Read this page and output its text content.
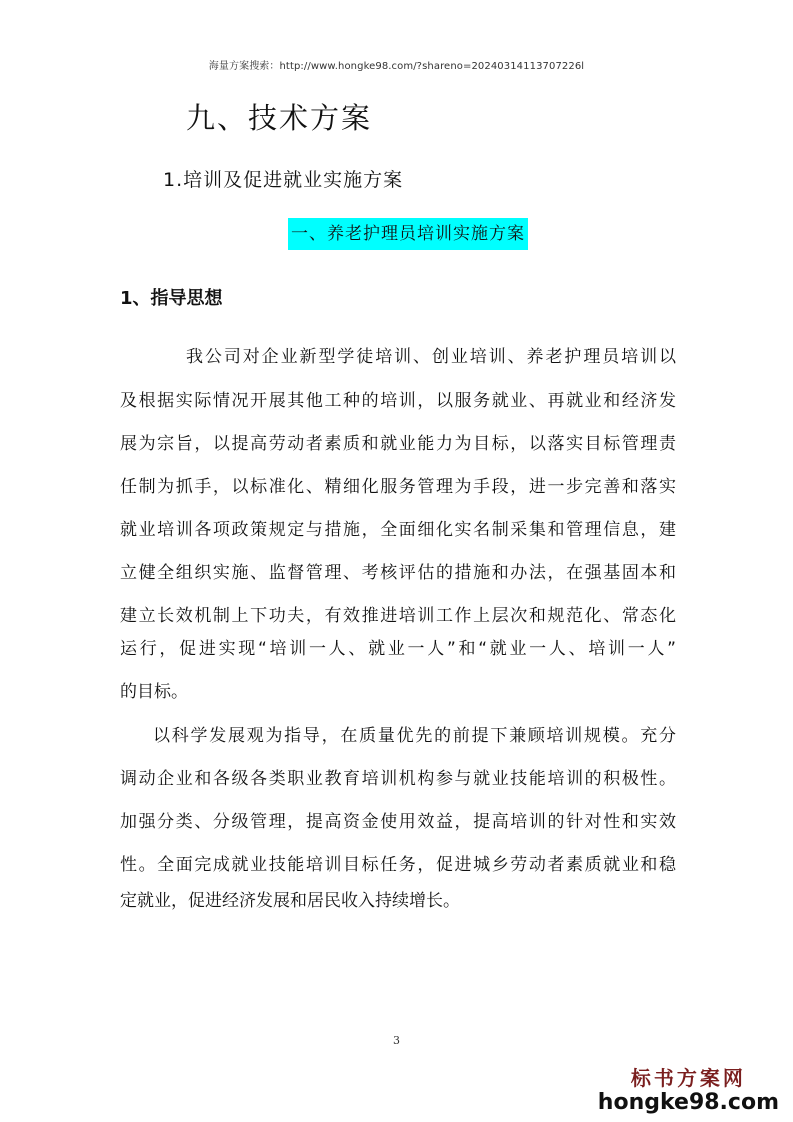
海量方案搜索：http://www.hongke98.com/?shareno=20240314113707226l
九、技术方案
1.培训及促进就业实施方案
一、养老护理员培训实施方案
1、指导思想
我公司对企业新型学徒培训、创业培训、养老护理员培训以
及根据实际情况开展其他工种的培训，以服务就业、再就业和经济发
展为宗旨，以提高劳动者素质和就业能力为目标，以落实目标管理责
任制为抓手，以标准化、精细化服务管理为手段，进一步完善和落实
就业培训各项政策规定与措施，全面细化实名制采集和管理信息，建
立健全组织实施、监督管理、考核评估的措施和办法，在强基固本和
建立长效机制上下功夫，有效推进培训工作上层次和规范化、常态化
运行，促进实现“培训一人、就业一人”和“就业一人、培训一人”
的目标。
以科学发展观为指导，在质量优先的前提下兼顾培训规模。充分
调动企业和各级各类职业教育培训机构参与就业技能培训的积极性。
加强分类、分级管理，提高资金使用效益，提高培训的针对性和实效
性。全面完成就业技能培训目标任务，促进城乡劳动者素质就业和稳
定就业，促进经济发展和居民收入持续增长。
3
标书方案网
hongke98.com
